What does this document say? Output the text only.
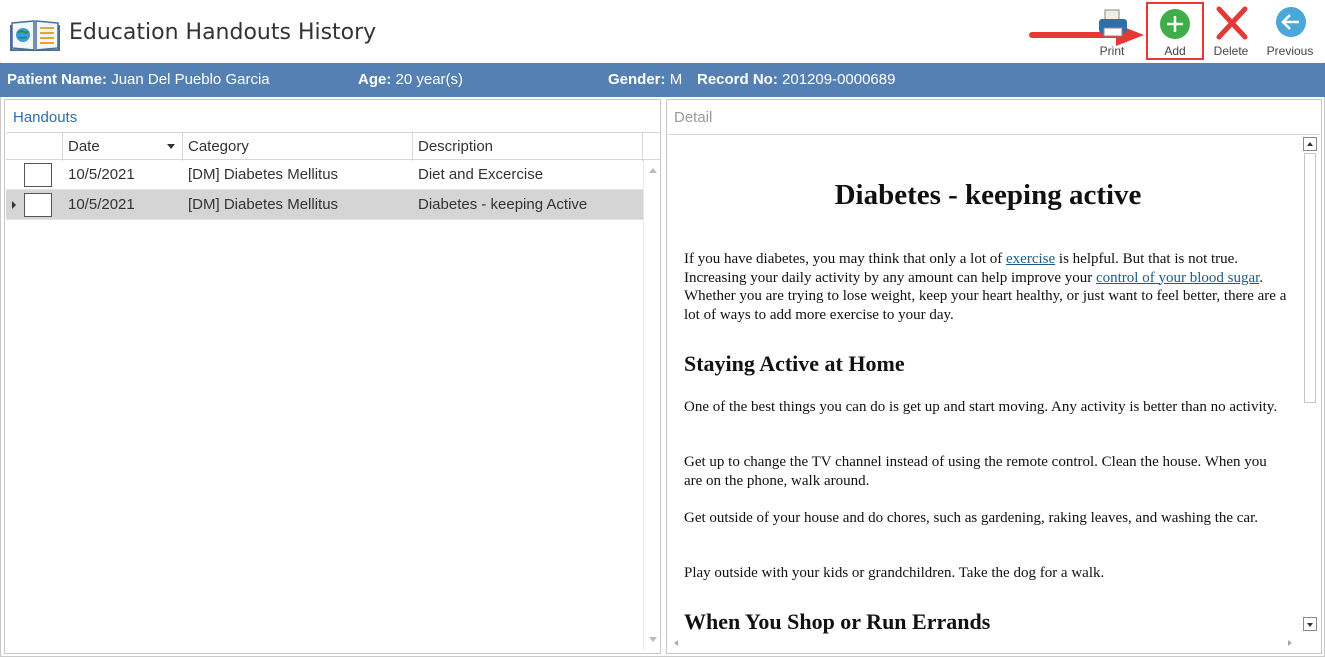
Education Handouts History
Print	Add	Delete	Previous
Patient Name: Juan Del Pueblo Garcia	Age: 20 year(s)	Gender: M Record No: 201209-0000689
Handouts
Date	Category	Description
10/5/2021	[DM] Diabetes Mellitus	Diet and Excercise
10/5/2021	[DM] Diabetes Mellitus	Diabetes - keeping Active
Detail
Diabetes - keeping active

If you have diabetes, you may think that only a lot of exercise is helpful. But that is not true. Increasing your daily activity by any amount can help improve your control of your blood sugar. Whether you are trying to lose weight, keep your heart healthy, or just want to feel better, there are a lot of ways to add more exercise to your day.

Staying Active at Home

One of the best things you can do is get up and start moving. Any activity is better than no activity.

Get up to change the TV channel instead of using the remote control. Clean the house. When you are on the phone, walk around.

Get outside of your house and do chores, such as gardening, raking leaves, and washing the car.

Play outside with your kids or grandchildren. Take the dog for a walk.

When You Shop or Run Errands
